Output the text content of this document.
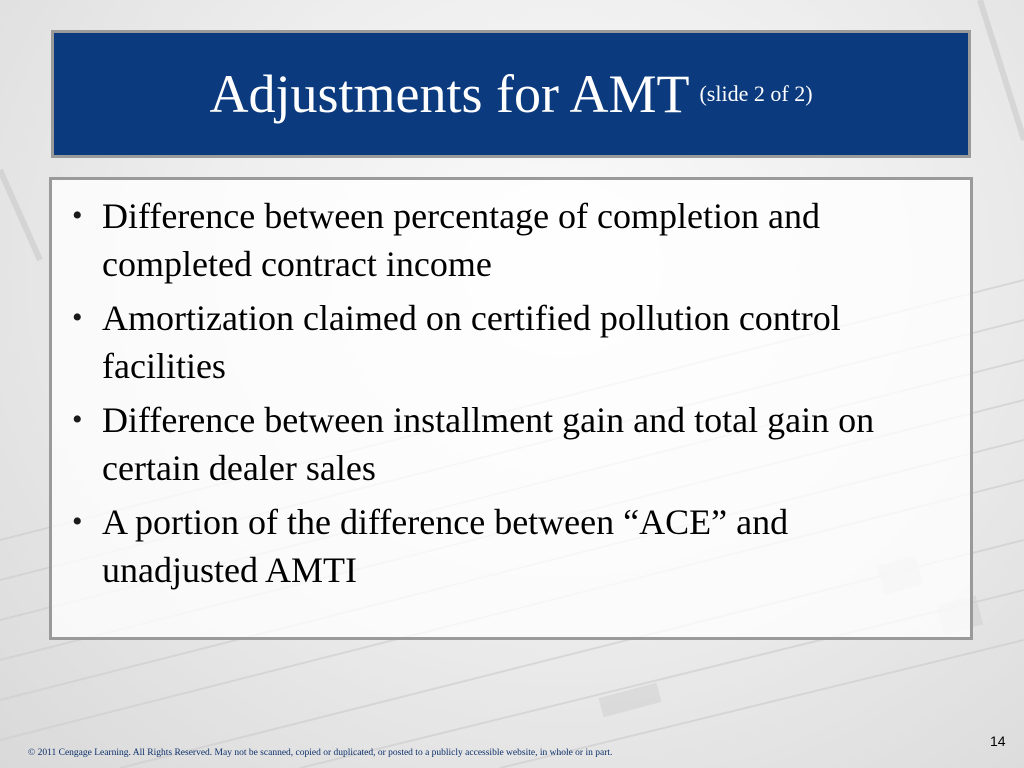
Adjustments for AMT (slide 2 of 2)
• Difference between percentage of completion and completed contract income
• Amortization claimed on certified pollution control facilities
• Difference between installment gain and total gain on certain dealer sales
• A portion of the difference between “ACE” and unadjusted AMTI
© 2011 Cengage Learning. All Rights Reserved. May not be scanned, copied or duplicated, or posted to a publicly accessible website, in whole or in part.
14
